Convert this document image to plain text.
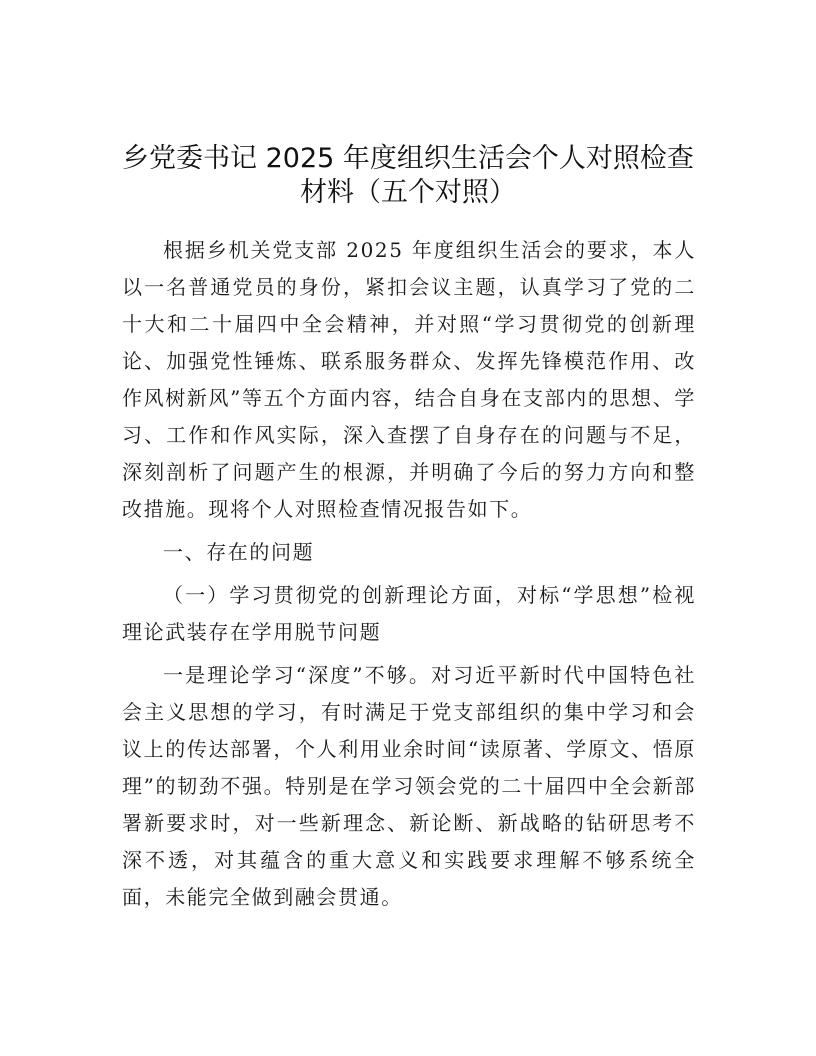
乡党委书记 2025 年度组织生活会个人对照检查
材料（五个对照）

根据乡机关党支部 2025 年度组织生活会的要求，本人以一名普通党员的身份，紧扣会议主题，认真学习了党的二十大和二十届四中全会精神，并对照“学习贯彻党的创新理论、加强党性锤炼、联系服务群众、发挥先锋模范作用、改作风树新风”等五个方面内容，结合自身在支部内的思想、学习、工作和作风实际，深入查摆了自身存在的问题与不足，深刻剖析了问题产生的根源，并明确了今后的努力方向和整改措施。现将个人对照检查情况报告如下。

一、存在的问题

（一）学习贯彻党的创新理论方面，对标“学思想”检视理论武装存在学用脱节问题

一是理论学习“深度”不够。对习近平新时代中国特色社会主义思想的学习，有时满足于党支部组织的集中学习和会议上的传达部署，个人利用业余时间“读原著、学原文、悟原理”的韧劲不强。特别是在学习领会党的二十届四中全会新部署新要求时，对一些新理念、新论断、新战略的钻研思考不深不透，对其蕴含的重大意义和实践要求理解不够系统全面，未能完全做到融会贯通。
